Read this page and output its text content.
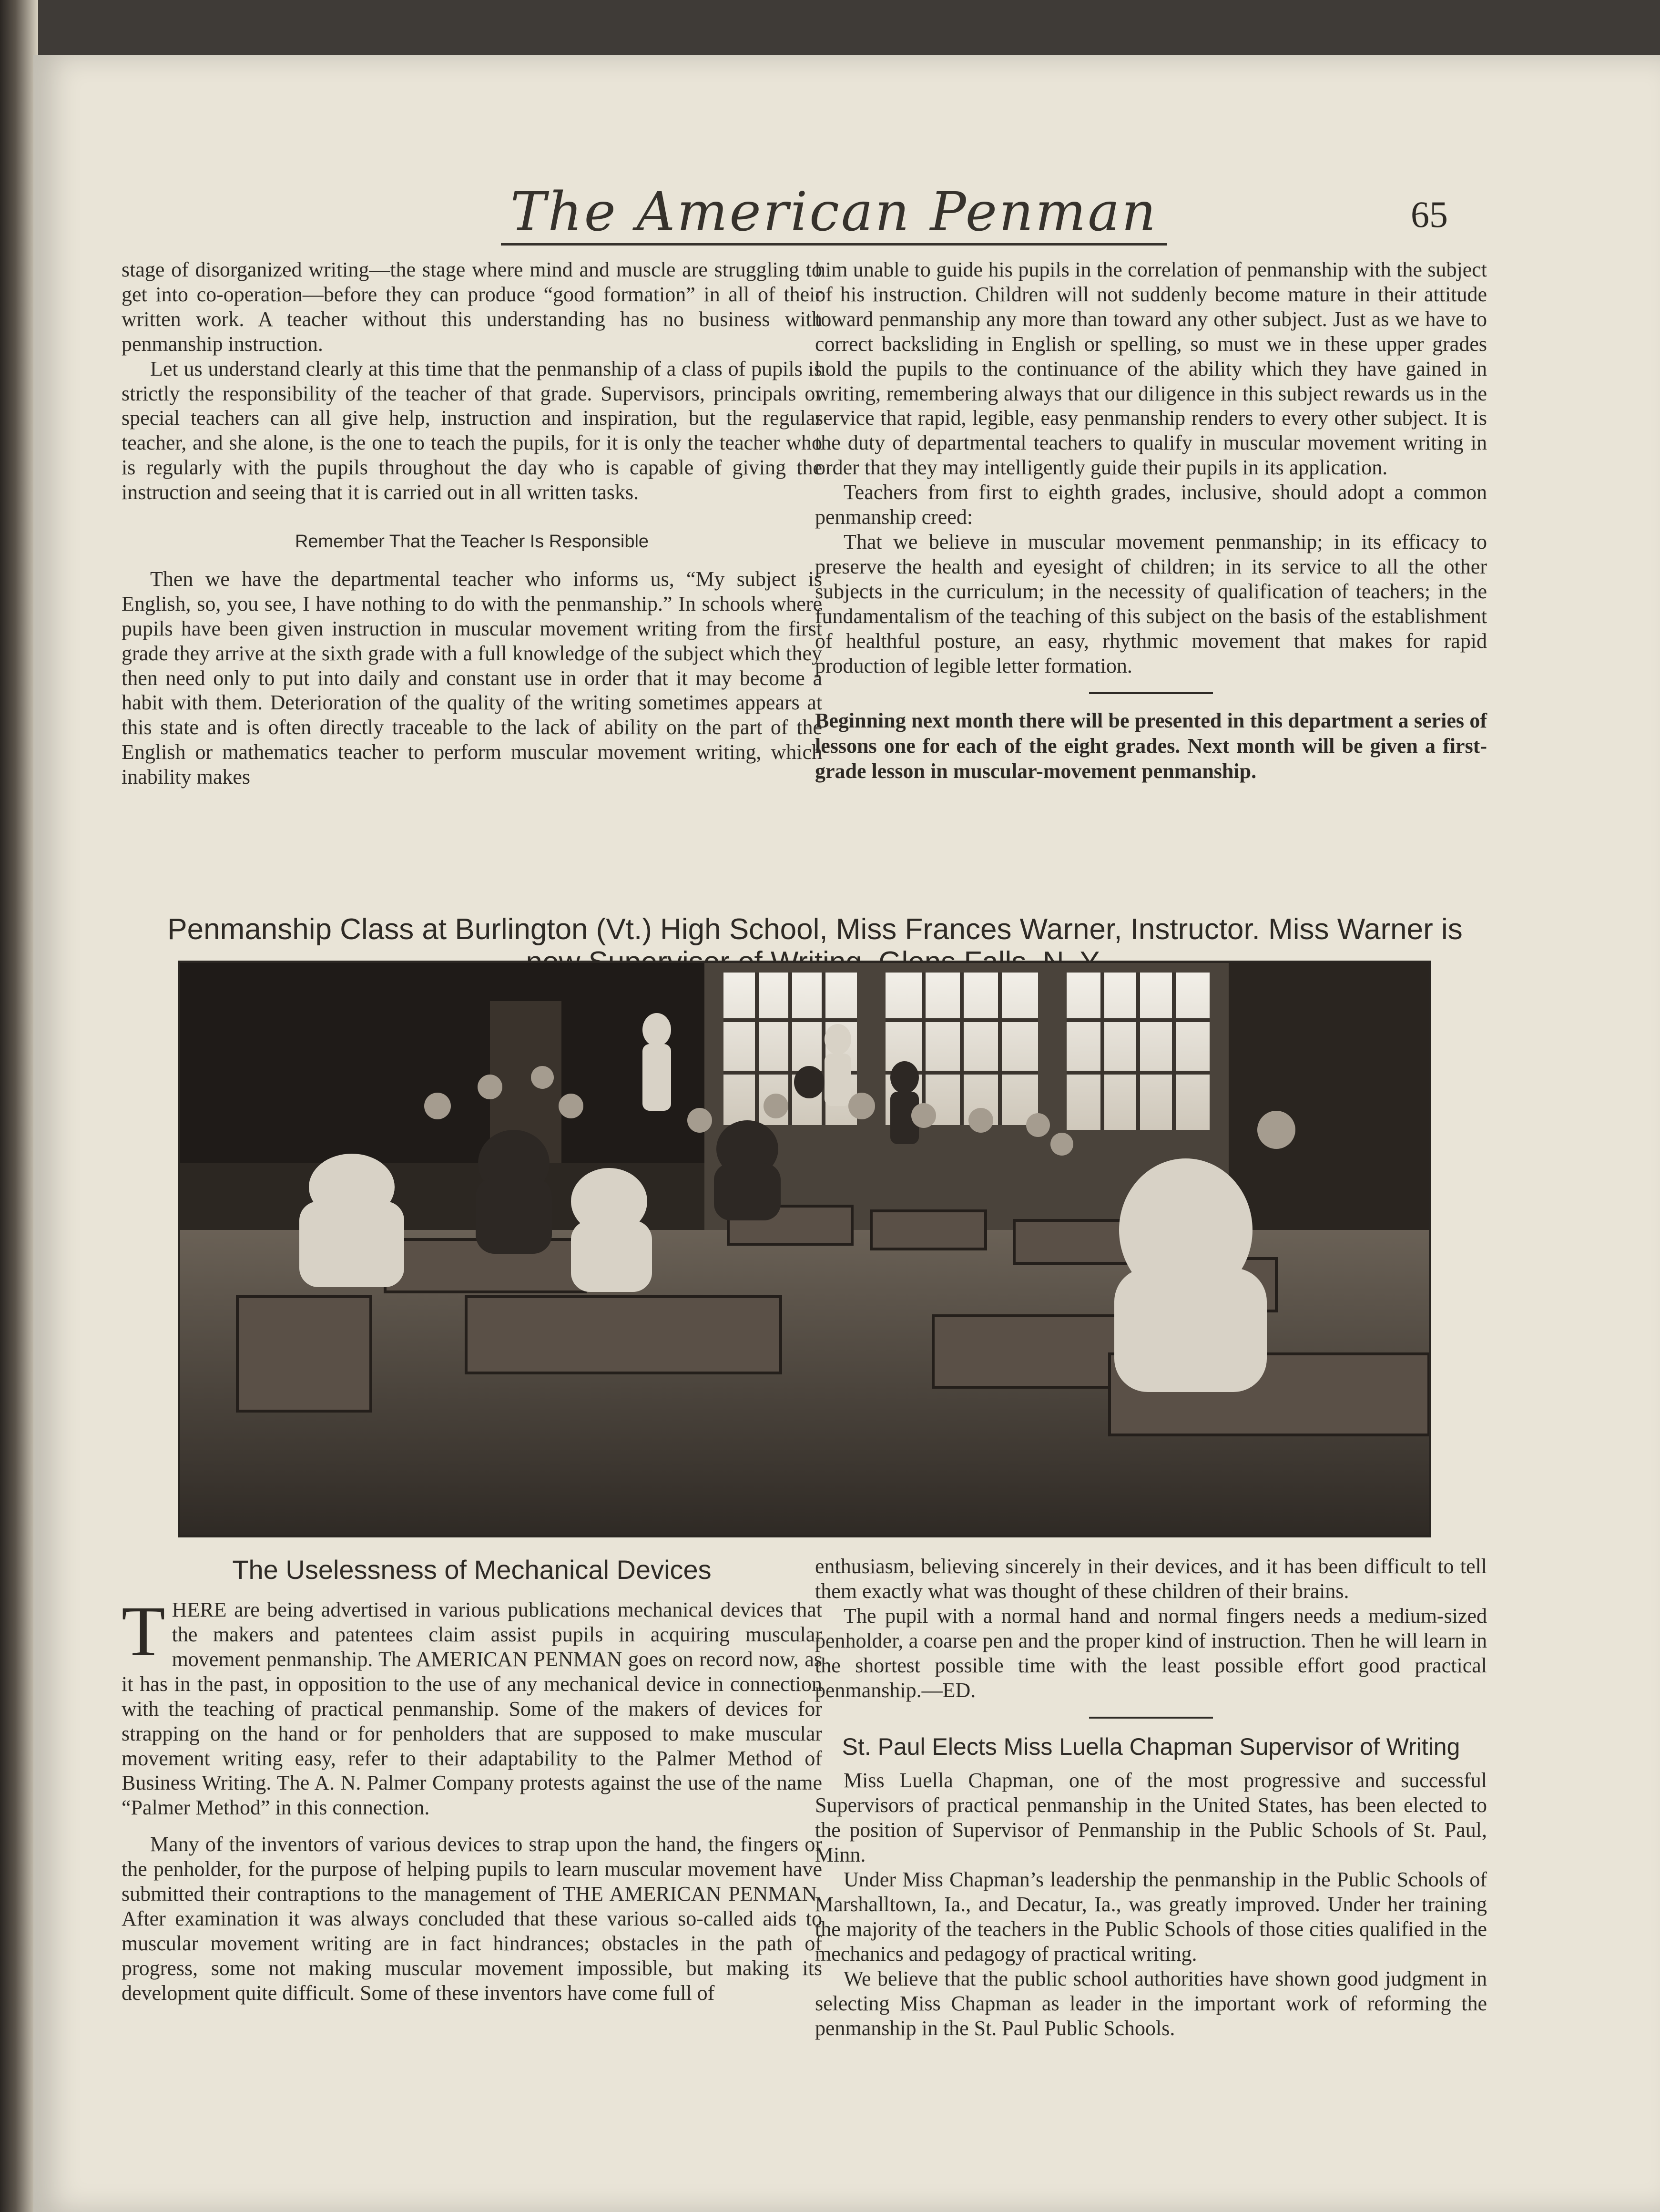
The American Penman	65

stage of disorganized writing—the stage where mind and muscle are struggling to get into co-operation—before they can produce “good formation” in all of their written work. A teacher without this understanding has no business with penmanship instruction.

Let us understand clearly at this time that the penmanship of a class of pupils is strictly the responsibility of the teacher of that grade. Supervisors, principals or special teachers can all give help, instruction and inspiration, but the regular teacher, and she alone, is the one to teach the pupils, for it is only the teacher who is regularly with the pupils throughout the day who is capable of giving the instruction and seeing that it is carried out in all written tasks.

Remember That the Teacher Is Responsible

Then we have the departmental teacher who informs us, “My subject is English, so, you see, I have nothing to do with the penmanship.” In schools where pupils have been given instruction in muscular movement writing from the first grade they arrive at the sixth grade with a full knowledge of the subject which they then need only to put into daily and constant use in order that it may become a habit with them. Deterioration of the quality of the writing sometimes appears at this state and is often directly traceable to the lack of ability on the part of the English or mathematics teacher to perform muscular movement writing, which inability makes

him unable to guide his pupils in the correlation of penmanship with the subject of his instruction. Children will not suddenly become mature in their attitude toward penmanship any more than toward any other subject. Just as we have to correct backsliding in English or spelling, so must we in these upper grades hold the pupils to the continuance of the ability which they have gained in writing, remembering always that our diligence in this subject rewards us in the service that rapid, legible, easy penmanship renders to every other subject. It is the duty of departmental teachers to qualify in muscular movement writing in order that they may intelligently guide their pupils in its application.

Teachers from first to eighth grades, inclusive, should adopt a common penmanship creed:

That we believe in muscular movement penmanship; in its efficacy to preserve the health and eyesight of children; in its service to all the other subjects in the curriculum; in the necessity of qualification of teachers; in the fundamentalism of the teaching of this subject on the basis of the establishment of healthful posture, an easy, rhythmic movement that makes for rapid production of legible letter formation.

Beginning next month there will be presented in this department a series of lessons one for each of the eight grades. Next month will be given a first-grade lesson in muscular-movement penmanship.
Penmanship Class at Burlington (Vt.) High School, Miss Frances Warner, Instructor. Miss Warner is
The Uselessness of Mechanical Devices

THERE are being advertised in various publications mechanical devices that the makers and patentees claim assist pupils in acquiring muscular movement penmanship. The AMERICAN PENMAN goes on record now, as it has in the past, in opposition to the use of any mechanical device in connection with the teaching of practical penmanship. Some of the makers of devices for strapping on the hand or for penholders that are supposed to make muscular movement writing easy, refer to their adaptability to the Palmer Method of Business Writing. The A. N. Palmer Company protests against the use of the name “Palmer Method” in this connection.

Many of the inventors of various devices to strap upon the hand, the fingers or the penholder, for the purpose of helping pupils to learn muscular movement have submitted their contraptions to the management of THE AMERICAN PENMAN. After examination it was always concluded that these various so-called aids to muscular movement writing are in fact hindrances; obstacles in the path of progress, some not making muscular movement impossible, but making its development quite difficult. Some of these inventors have come full of

enthusiasm, believing sincerely in their devices, and it has been difficult to tell them exactly what was thought of these children of their brains.

The pupil with a normal hand and normal fingers needs a medium-sized penholder, a coarse pen and the proper kind of instruction. Then he will learn in the shortest possible time with the least possible effort good practical penmanship.—ED.

St. Paul Elects Miss Luella Chapman Supervisor of Writing

Miss Luella Chapman, one of the most progressive and successful Supervisors of practical penmanship in the United States, has been elected to the position of Supervisor of Penmanship in the Public Schools of St. Paul, Minn.

Under Miss Chapman’s leadership the penmanship in the Public Schools of Marshalltown, Ia., and Decatur, Ia., was greatly improved. Under her training the majority of the teachers in the Public Schools of those cities qualified in the mechanics and pedagogy of practical writing.

We believe that the public school authorities have shown good judgment in selecting Miss Chapman as leader in the important work of reforming the penmanship in the St. Paul Public Schools.
